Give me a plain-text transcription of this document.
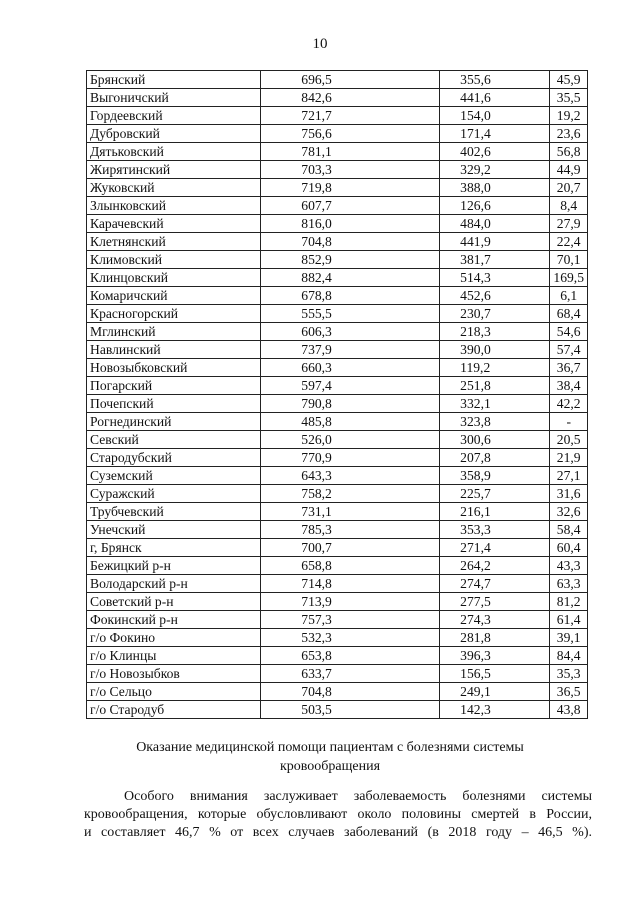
10
Брянский	696,5	355,6	45,9
Выгоничский	842,6	441,6	35,5
Гордеевский	721,7	154,0	19,2
Дубровский	756,6	171,4	23,6
Дятьковский	781,1	402,6	56,8
Жирятинский	703,3	329,2	44,9
Жуковский	719,8	388,0	20,7
Злынковский	607,7	126,6	8,4
Карачевский	816,0	484,0	27,9
Клетнянский	704,8	441,9	22,4
Климовский	852,9	381,7	70,1
Клинцовский	882,4	514,3	169,5
Комаричский	678,8	452,6	6,1
Красногорский	555,5	230,7	68,4
Мглинский	606,3	218,3	54,6
Навлинский	737,9	390,0	57,4
Новозыбковский	660,3	119,2	36,7
Погарский	597,4	251,8	38,4
Почепский	790,8	332,1	42,2
Рогнединский	485,8	323,8	-
Севский	526,0	300,6	20,5
Стародубский	770,9	207,8	21,9
Суземский	643,3	358,9	27,1
Суражский	758,2	225,7	31,6
Трубчевский	731,1	216,1	32,6
Унечский	785,3	353,3	58,4
г, Брянск	700,7	271,4	60,4
Бежицкий р-н	658,8	264,2	43,3
Володарский р-н	714,8	274,7	63,3
Советский р-н	713,9	277,5	81,2
Фокинский р-н	757,3	274,3	61,4
г/о Фокино	532,3	281,8	39,1
г/о Клинцы	653,8	396,3	84,4
г/о Новозыбков	633,7	156,5	35,3
г/о Сельцо	704,8	249,1	36,5
г/о Стародуб	503,5	142,3	43,8
Оказание медицинской помощи пациентам с болезнями системы
кровообращения
Особого внимания заслуживает заболеваемость болезнями системы
кровообращения, которые обусловливают около половины смертей в России,
и составляет 46,7 % от всех случаев заболеваний (в 2018 году – 46,5 %).
